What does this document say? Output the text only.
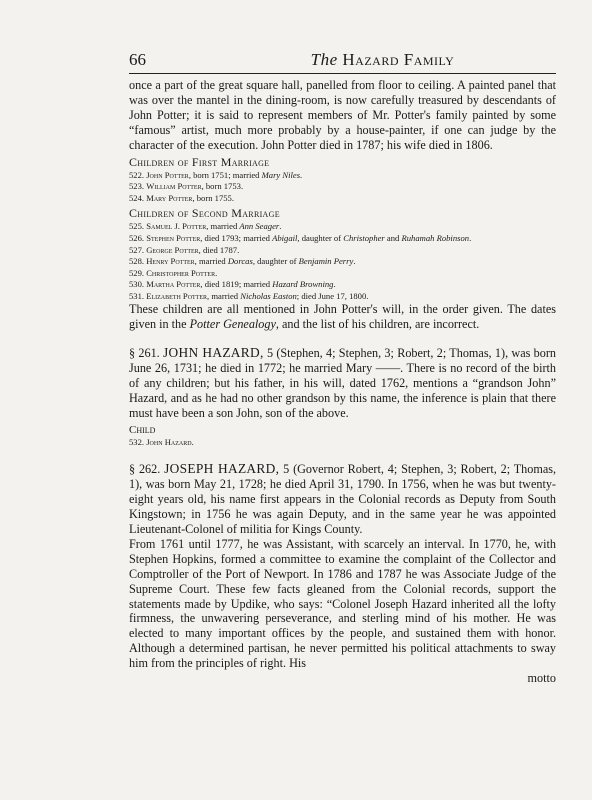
66	The Hazard Family

once a part of the great square hall, panelled from floor to ceiling. A painted panel that was over the mantel in the dining-room, is now carefully treasured by descendants of John Potter; it is said to represent members of Mr. Potter's family painted by some “famous” artist, much more probably by a house-painter, if one can judge by the character of the execution. John Potter died in 1787; his wife died in 1806.

Children of First Marriage
522. John Potter, born 1751; married Mary Niles.
523. William Potter, born 1753.
524. Mary Potter, born 1755.
Children of Second Marriage
525. Samuel J. Potter, married Ann Seager.
526. Stephen Potter, died 1793; married Abigail, daughter of Christopher and Ruhamah Robinson.
527. George Potter, died 1787.
528. Henry Potter, married Dorcas, daughter of Benjamin Perry.
529. Christopher Potter.
530. Martha Potter, died 1819; married Hazard Browning.
531. Elizabeth Potter, married Nicholas Easton; died June 17, 1800.

These children are all mentioned in John Potter's will, in the order given. The dates given in the Potter Genealogy, and the list of his children, are incorrect.

§ 261. JOHN HAZARD, 5 (Stephen, 4; Stephen, 3; Robert, 2; Thomas, 1), was born June 26, 1731; he died in 1772; he married Mary ——. There is no record of the birth of any children; but his father, in his will, dated 1762, mentions a “grandson John” Hazard, and as he had no other grandson by this name, the inference is plain that there must have been a son John, son of the above.

Child
532. John Hazard.

§ 262. JOSEPH HAZARD, 5 (Governor Robert, 4; Stephen, 3; Robert, 2; Thomas, 1), was born May 21, 1728; he died April 31, 1790. In 1756, when he was but twenty-eight years old, his name first appears in the Colonial records as Deputy from South Kingstown; in 1756 he was again Deputy, and in the same year he was appointed Lieutenant-Colonel of militia for Kings County.

From 1761 until 1777, he was Assistant, with scarcely an interval. In 1770, he, with Stephen Hopkins, formed a committee to examine the complaint of the Collector and Comptroller of the Port of Newport. In 1786 and 1787 he was Associate Judge of the Supreme Court. These few facts gleaned from the Colonial records, support the statements made by Updike, who says: “Colonel Joseph Hazard inherited all the lofty firmness, the unwavering perseverance, and sterling mind of his mother. He was elected to many important offices by the people, and sustained them with honor. Although a determined partisan, he never permitted his political attachments to sway him from the principles of right. His

motto
